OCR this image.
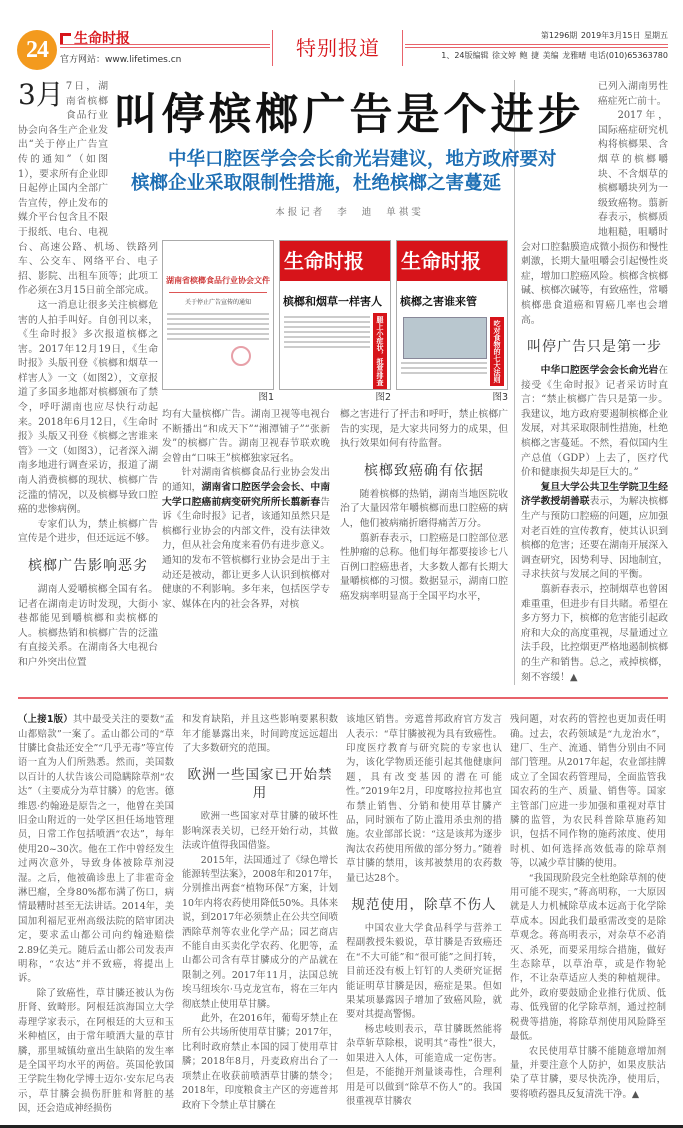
24	生命时报
官方网站：www.lifetimes.cn	特别报道
第1296期 2019年3月15日 星期五
1、24版编辑 徐文婷 鲍 捷 美编 龙雅晴 电话(010)65363780

3月 7日，湖南省槟榔食品行业协会向各生产企业发出“关于停止广告宣传的通知”（如图1），要求所有企业即日起停止国内全部广告宣传，停止发布的媒介平台包含且不限于报纸、电台、电视台、高速公路、机场、铁路列车、公交车、网络平台、电子招、影院、出租车顶等；此项工作必须在3月15日前全部完成。

这一消息让很多关注槟榔危害的人拍手叫好。自创刊以来，《生命时报》多次报道槟榔之害。2017年12月19日，《生命时报》头版刊登《槟榔和烟草一样害人》一文（如图2），文章报道了多国多地都对槟榔颁布了禁令，呼吁湖南也应尽快行动起来。2018年6月12日，《生命时报》头版又刊登《槟榔之害谁来管》一文（如图3），记者深入湖南多地进行调查采访，报道了湖南人消费槟榔的现状、槟榔广告泛滥的情况，以及槟榔导致口腔癌的悲惨病例。

专家们认为，禁止槟榔广告宣传是个进步，但还远远不够。

槟榔广告影响恶劣

湖南人爱嚼槟榔全国有名。记者在湖南走访时发现，大街小巷都能见到嚼槟榔和卖槟榔的人。槟榔热销和槟榔广告的泛滥有直接关系。在湖南各大电视台和户外突出位置

叫停槟榔广告是个进步
中华口腔医学会会长俞光岩建议，地方政府要对
槟榔企业采取限制性措施，杜绝槟榔之害蔓延
本报记者 李 迪 单祺雯
湖南省槟榔食品行业协会文件
关于停止广告宣传的通知
生命时报
槟榔和烟草一样害人
腿上小症状，抵常排查
生命时报
槟榔之害谁来管
吃对食物的七大法则
图1	图2	图3

均有大量槟榔广告。湖南卫视等电视台不断播出“和成天下”“湘潭铺子”“张新发”的槟榔广告。湖南卫视春节联欢晚会曾由“口味王”槟榔独家冠名。

针对湖南省槟榔食品行业协会发出的通知，湖南省口腔医学会会长、中南大学口腔癌前病变研究所所长翦新春告诉《生命时报》记者，该通知虽然只是槟榔行业协会的内部文件，没有法律效力，但从社会角度来看仍有进步意义。通知的发布不管槟榔行业协会是出于主动还是被动，都让更多人认识到槟榔对健康的不利影响。多年来，包括医学专家、媒体在内的社会各界，对槟

榔之害进行了抨击和呼吁，禁止槟榔广告的实现，是大家共同努力的成果，但执行效果如何有待监督。

槟榔致癌确有依据

随着槟榔的热销，湖南当地医院收治了大量因常年嚼槟榔而患口腔癌的病人，他们被病痛折磨得痛苦万分。

翦新春表示，口腔癌是口腔部位恶性肿瘤的总称。他们每年都要接诊七八百例口腔癌患者，大多数人都有长期大量嚼槟榔的习惯。数据显示，湖南口腔癌发病率明显高于全国平均水平，

已列入湖南男性癌症死亡前十。

2017年，国际癌症研究机构将槟榔果、含烟草的槟榔嚼块、不含烟草的槟榔嚼块列为一级致癌物。翦新春表示，槟榔质地粗糙，咀嚼时会对口腔黏膜造成微小损伤和慢性刺激，长期大量咀嚼会引起慢性炎症，增加口腔癌风险。槟榔含槟榔碱、槟榔次碱等，有致癌性，常嚼槟榔患食道癌和胃癌几率也会增高。

叫停广告只是第一步

中华口腔医学会会长俞光岩在接受《生命时报》记者采访时直言：“禁止槟榔广告只是第一步。我建议，地方政府要遏制槟榔企业发展，对其采取限制性措施，杜绝槟榔之害蔓延。不然，看似国内生产总值（GDP）上去了，医疗代价和健康损失却是巨大的。”

复旦大学公共卫生学院卫生经济学教授胡善联表示，为解决槟榔生产与预防口腔癌的问题，应加强对老百姓的宣传教育，使其认识到槟榔的危害；还要在湖南开展深入调查研究，因势利导、因地制宜，寻求扶贫与发展之间的平衡。

翦新春表示，控制烟草也曾困难重重，但进步有目共睹。希望在多方努力下，槟榔的危害能引起政府和大众的高度重视，尽量通过立法手段，比控烟更严格地遏制槟榔的生产和销售。总之，戒掉槟榔，刻不容缓！▲

（上接1版）其中最受关注的要数“孟山都赔款”一案了。孟山都公司的“草甘膦比食盐还安全”“几乎无毒”等宣传语一直为人们所熟悉。然而，美国数以百计的人状告该公司隐瞒除草剂“农达”（主要成分为草甘膦）的危害。德维恩·约翰逊是原告之一，他曾在美国旧金山附近的一处学区担任场地管理员，日常工作包括喷洒“农达”，每年使用20~30次。他在工作中曾经发生过两次意外，导致身体被除草剂浸湿。之后，他被确诊患上了非霍奇金淋巴瘤，全身80%都布满了伤口，病情最糟时甚至无法讲话。2014年，美国加利福尼亚州高级法院的陪审团决定，要求孟山都公司向约翰逊赔偿2.89亿美元。随后孟山都公司发表声明称，“农达”并不致癌，将提出上诉。

除了致癌性，草甘膦还被认为伤肝肾、致畸形。阿根廷滨海国立大学毒理学家表示，在阿根廷的大豆和玉米种植区，由于常年喷洒大量的草甘膦，那里城镇幼童出生缺陷的发生率是全国平均水平的两倍。英国伦敦国王学院生物化学博士迈尔·安东尼乌表示，草甘膦会损伤肝脏和肾脏的基因，还会造成神经损伤

和发育缺陷，并且这些影响要累积数年才能暴露出来，时间跨度远远超出了大多数研究的范围。

欧洲一些国家已开始禁用

欧洲一些国家对草甘膦的破坏性影响深表关切，已经开始行动，其做法或许值得我国借鉴。

2015年，法国通过了《绿色增长能源转型法案》，2008年和2017年，分别推出两套“植物环保”方案，计划10年内将农药使用降低50%。具体来说，到2017年必须禁止在公共空间喷洒除草剂等农业化学产品；园艺商店不能自由买卖化学农药、化肥等，孟山都公司含有草甘膦成分的产品就在限制之列。2017年11月，法国总统埃马纽埃尔·马克龙宣布，将在三年内彻底禁止使用草甘膦。

此外，在2016年，葡萄牙禁止在所有公共场所使用草甘膦；2017年，比利时政府禁止本国的园丁使用草甘膦；2018年8月，丹麦政府出台了一项禁止在收获前喷洒草甘膦的禁令；2018年，印度粮食主产区的旁遮普邦政府下令禁止草甘膦在

该地区销售。旁遮普邦政府官方发言人表示：“草甘膦被视为具有致癌性。印度医疗教育与研究院的专家也认为，该化学物质还能引起其他健康问题，具有改变基因的潜在可能性。”2019年2月，印度喀拉拉邦也宣布禁止销售、分销和使用草甘膦产品，同时颁布了防止滥用杀虫剂的措施。农业部部长说：“这是该邦为逐步淘汰农药使用所做的部分努力。”随着草甘膦的禁用，该邦被禁用的农药数量已达28个。

规范使用，除草不伤人

中国农业大学食品科学与营养工程副教授朱毅说，草甘膦是否致癌还在“不大可能”和“很可能”之间打转，目前还没有板上钉钉的人类研究证据能证明草甘膦是因，癌症是果。但如果某项暴露因子增加了致癌风险，就要对其提高警惕。

杨忠岐则表示，草甘膦既然能将杂草斩草除根，说明其“毒性”很大，如果进入人体，可能造成一定伤害。但是，不能抛开剂量谈毒性，合理利用是可以做到“除草不伤人”的。我国很重视草甘膦农

残问题，对农药的管控也更加责任明确。过去，农药领域是“九龙治水”，建厂、生产、流通、销售分别由不同部门管理。从2017年起，农业部挂牌成立了全国农药管理局，全面监管我国农药的生产、质量、销售等。国家主管部门应进一步加强和重视对草甘膦的监管，为农民科普除草施药知识，包括不同作物的施药浓度、使用时机、如何选择高效低毒的除草剂等，以减少草甘膦的使用。

“我国现阶段完全杜绝除草剂的使用可能不现实，”蒋高明称，一大原因就是人力机械除草成本远高于化学除草成本。因此我们最亟需改变的是除草观念。蒋高明表示，对杂草不必消灭、杀死，而要采用综合措施，做好生态除草，以草治草，或是作物轮作，不让杂草适应人类的种植规律。此外，政府要鼓励企业推行优质、低毒、低残留的化学除草剂，通过控制税费等措施，将除草剂使用风险降至最低。

农民使用草甘膦不能随意增加剂量，并要注意个人防护，如果皮肤沾染了草甘膦，要尽快洗净，使用后，要将喷药器具反复清洗干净。▲
